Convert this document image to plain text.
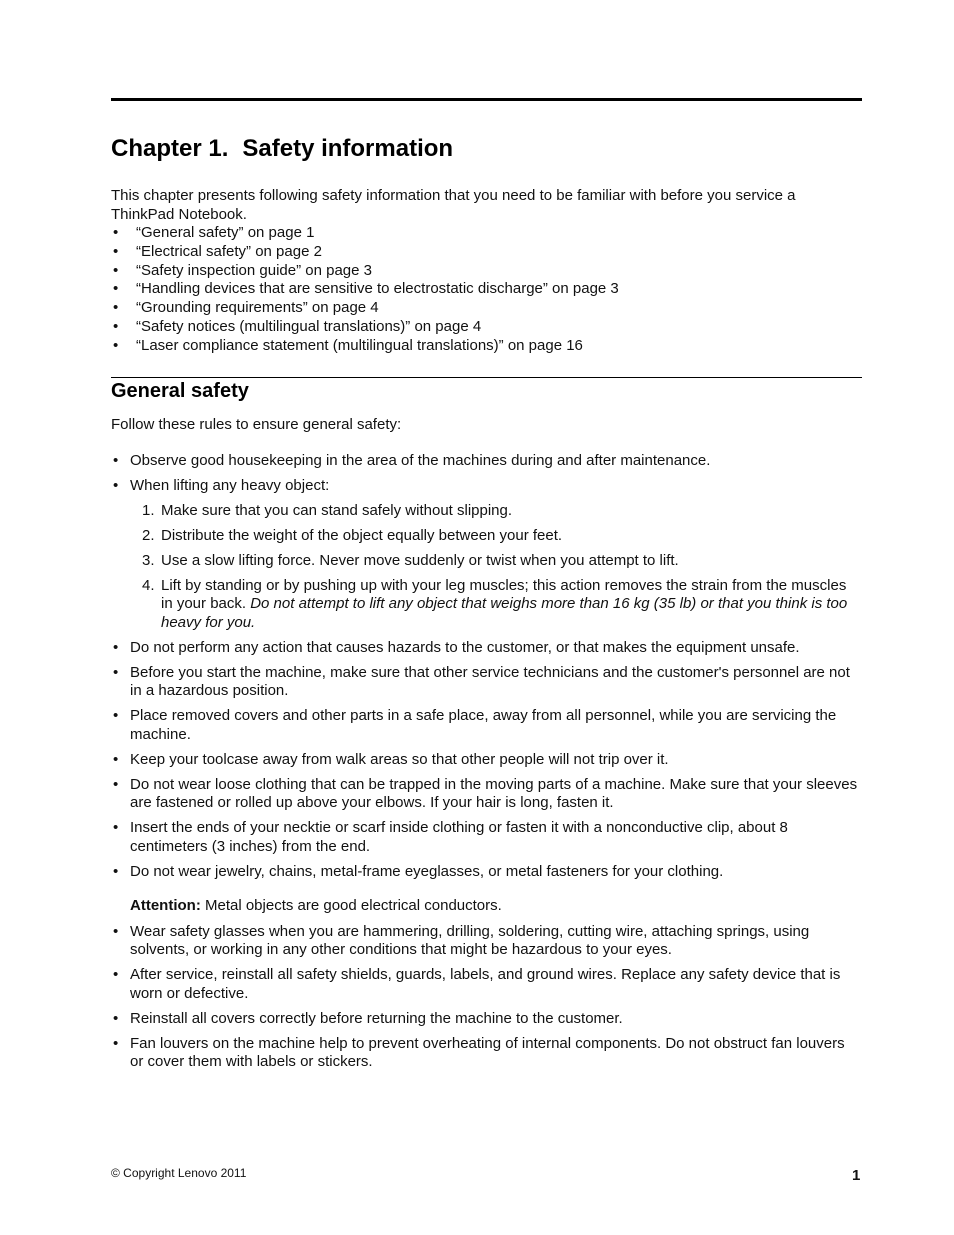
Chapter 1. Safety information

This chapter presents following safety information that you need to be familiar with before you service a ThinkPad Notebook.

• “General safety” on page 1
• “Electrical safety” on page 2
• “Safety inspection guide” on page 3
• “Handling devices that are sensitive to electrostatic discharge” on page 3
• “Grounding requirements” on page 4
• “Safety notices (multilingual translations)” on page 4
• “Laser compliance statement (multilingual translations)” on page 16
General safety

Follow these rules to ensure general safety:

• Observe good housekeeping in the area of the machines during and after maintenance.
• When lifting any heavy object:
1. Make sure that you can stand safely without slipping.
2. Distribute the weight of the object equally between your feet.
3. Use a slow lifting force. Never move suddenly or twist when you attempt to lift.
4. Lift by standing or by pushing up with your leg muscles; this action removes the strain from the muscles in your back. Do not attempt to lift any object that weighs more than 16 kg (35 lb) or that you think is too heavy for you.
• Do not perform any action that causes hazards to the customer, or that makes the equipment unsafe.
• Before you start the machine, make sure that other service technicians and the customer's personnel are not in a hazardous position.
• Place removed covers and other parts in a safe place, away from all personnel, while you are servicing the machine.
• Keep your toolcase away from walk areas so that other people will not trip over it.
• Do not wear loose clothing that can be trapped in the moving parts of a machine. Make sure that your sleeves are fastened or rolled up above your elbows. If your hair is long, fasten it.
• Insert the ends of your necktie or scarf inside clothing or fasten it with a nonconductive clip, about 8 centimeters (3 inches) from the end.
• Do not wear jewelry, chains, metal-frame eyeglasses, or metal fasteners for your clothing.
Attention: Metal objects are good electrical conductors.
• Wear safety glasses when you are hammering, drilling, soldering, cutting wire, attaching springs, using solvents, or working in any other conditions that might be hazardous to your eyes.
• After service, reinstall all safety shields, guards, labels, and ground wires. Replace any safety device that is worn or defective.
• Reinstall all covers correctly before returning the machine to the customer.
• Fan louvers on the machine help to prevent overheating of internal components. Do not obstruct fan louvers or cover them with labels or stickers.
© Copyright Lenovo 2011	1
